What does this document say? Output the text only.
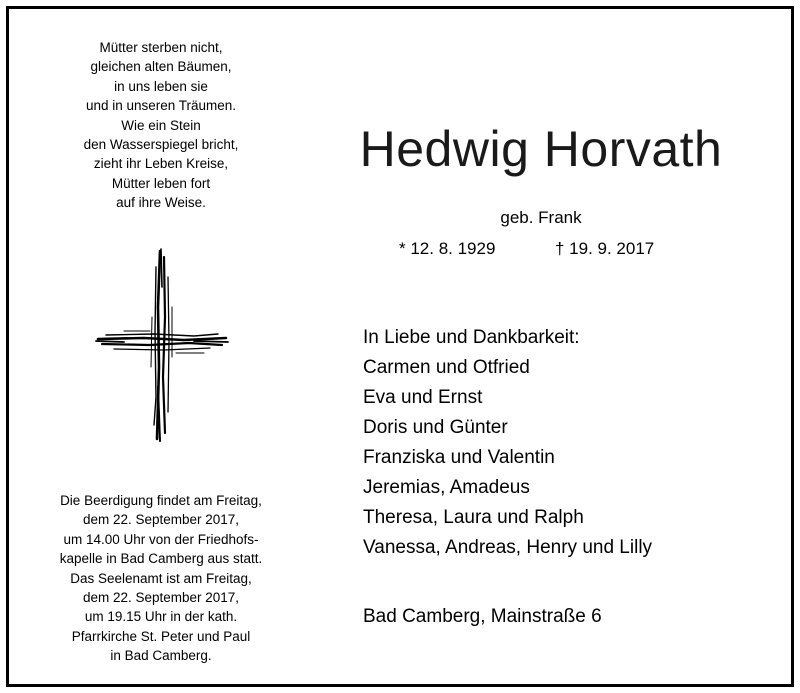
Mütter sterben nicht,
gleichen alten Bäumen,
in uns leben sie
und in unseren Träumen.
Wie ein Stein
den Wasserspiegel bricht,
zieht ihr Leben Kreise,
Mütter leben fort
auf ihre Weise.
Hedwig Horvath
geb. Frank
* 12. 8. 1929	† 19. 9. 2017
In Liebe und Dankbarkeit:
Carmen und Otfried
Eva und Ernst
Doris und Günter
Franziska und Valentin
Jeremias, Amadeus
Theresa, Laura und Ralph
Vanessa, Andreas, Henry und Lilly
Bad Camberg, Mainstraße 6
Die Beerdigung findet am Freitag,
dem 22. September 2017,
um 14.00 Uhr von der Friedhofs-
kapelle in Bad Camberg aus statt.
Das Seelenamt ist am Freitag,
dem 22. September 2017,
um 19.15 Uhr in der kath.
Pfarrkirche St. Peter und Paul
in Bad Camberg.
